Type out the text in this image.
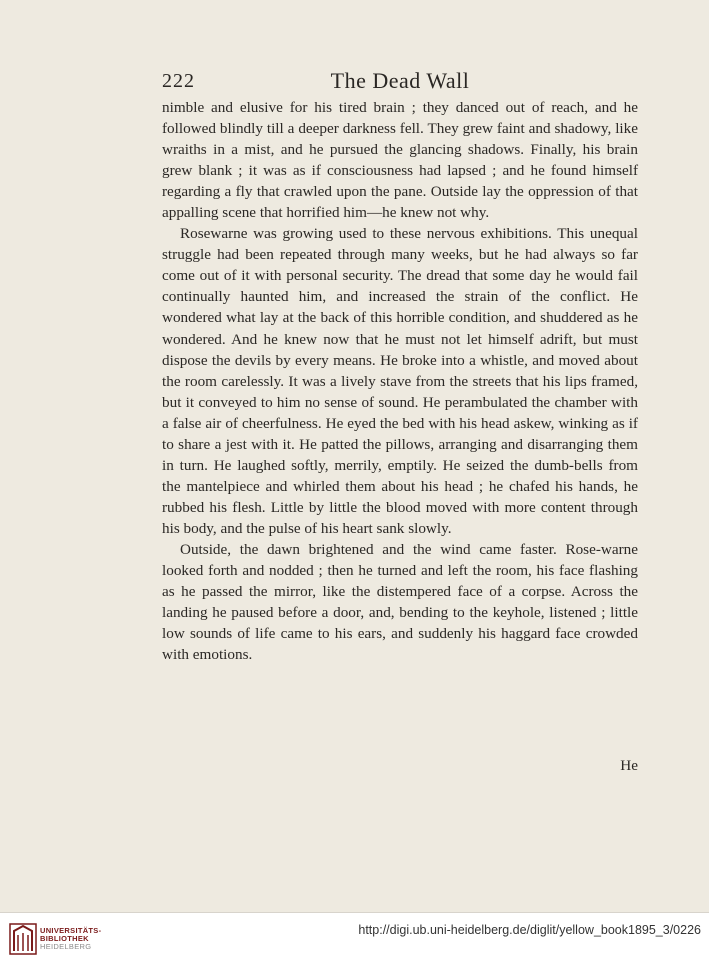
222	The Dead Wall

nimble and elusive for his tired brain ; they danced out of reach, and he followed blindly till a deeper darkness fell. They grew faint and shadowy, like wraiths in a mist, and he pursued the glancing shadows. Finally, his brain grew blank ; it was as if consciousness had lapsed ; and he found himself regarding a fly that crawled upon the pane. Outside lay the oppression of that appalling scene that horrified him—he knew not why.

Rosewarne was growing used to these nervous exhibitions. This unequal struggle had been repeated through many weeks, but he had always so far come out of it with personal security. The dread that some day he would fail continually haunted him, and increased the strain of the conflict. He wondered what lay at the back of this horrible condition, and shuddered as he wondered. And he knew now that he must not let himself adrift, but must dispose the devils by every means. He broke into a whistle, and moved about the room carelessly. It was a lively stave from the streets that his lips framed, but it conveyed to him no sense of sound. He perambulated the chamber with a false air of cheerfulness. He eyed the bed with his head askew, winking as if to share a jest with it. He patted the pillows, arranging and disarranging them in turn. He laughed softly, merrily, emptily. He seized the dumb-bells from the mantelpiece and whirled them about his head ; he chafed his hands, he rubbed his flesh. Little by little the blood moved with more content through his body, and the pulse of his heart sank slowly.

Outside, the dawn brightened and the wind came faster. Rose-warne looked forth and nodded ; then he turned and left the room, his face flashing as he passed the mirror, like the distempered face of a corpse. Across the landing he paused before a door, and, bending to the keyhole, listened ; little low sounds of life came to his ears, and suddenly his haggard face crowded with emotions.

He
UNIVERSITÄTS-
BIBLIOTHEK
HEIDELBERG
http://digi.ub.uni-heidelberg.de/diglit/yellow_book1895_3/0226
